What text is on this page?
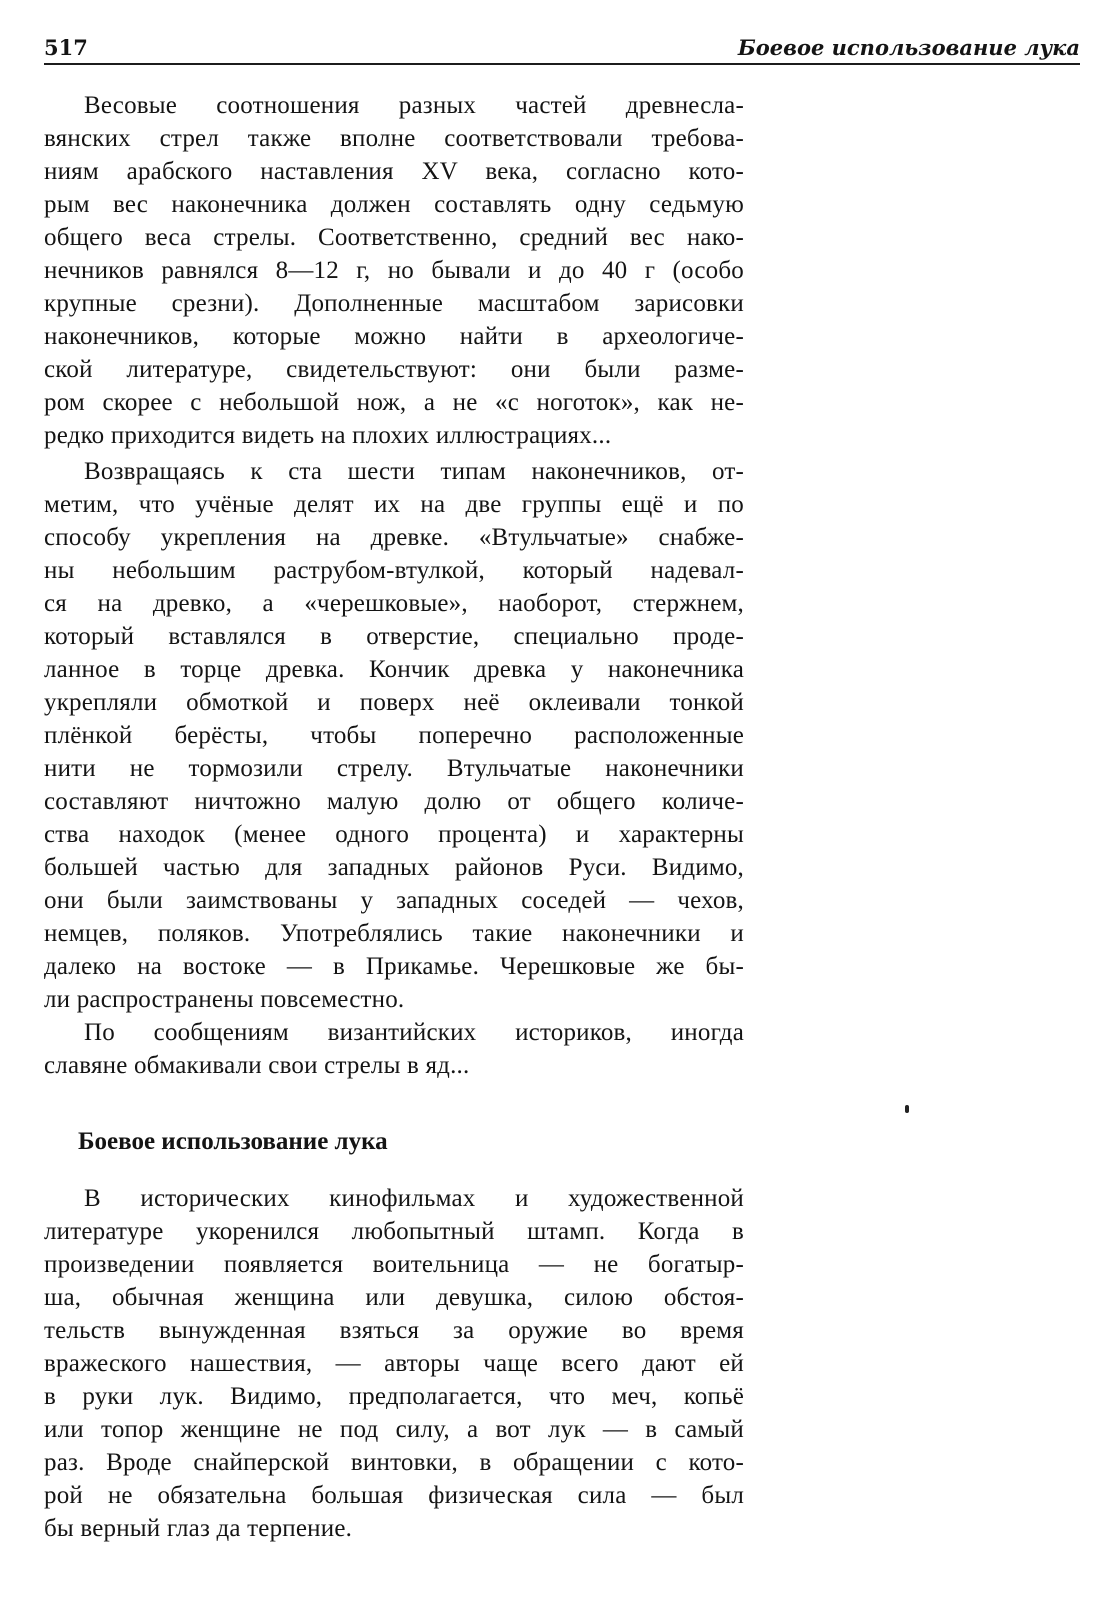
517	Боевое использование лука
Весовые соотношения разных частей древнесла-
вянских стрел также вполне соответствовали требова-
ниям арабского наставления XV века, согласно кото-
рым вес наконечника должен составлять одну седьмую
общего веса стрелы. Соответственно, средний вес нако-
нечников равнялся 8—12 г, но бывали и до 40 г (особо
крупные срезни). Дополненные масштабом зарисовки
наконечников, которые можно найти в археологиче-
ской литературе, свидетельствуют: они были разме-
ром скорее с небольшой нож, а не «с ноготок», как не-
редко приходится видеть на плохих иллюстрациях...
Возвращаясь к ста шести типам наконечников, от-
метим, что учёные делят их на две группы ещё и по
способу укрепления на древке. «Втульчатые» снабже-
ны небольшим раструбом-втулкой, который надевал-
ся на древко, а «черешковые», наоборот, стержнем,
который вставлялся в отверстие, специально проде-
ланное в торце древка. Кончик древка у наконечника
укрепляли обмоткой и поверх неё оклеивали тонкой
плёнкой берёсты, чтобы поперечно расположенные
нити не тормозили стрелу. Втульчатые наконечники
составляют ничтожно малую долю от общего количе-
ства находок (менее одного процента) и характерны
большей частью для западных районов Руси. Видимо,
они были заимствованы у западных соседей — чехов,
немцев, поляков. Употреблялись такие наконечники и
далеко на востоке — в Прикамье. Черешковые же бы-
ли распространены повсеместно.
По сообщениям византийских историков, иногда
славяне обмакивали свои стрелы в яд...
Боевое использование лука
В исторических кинофильмах и художественной
литературе укоренился любопытный штамп. Когда в
произведении появляется воительница — не богатыр-
ша, обычная женщина или девушка, силою обстоя-
тельств вынужденная взяться за оружие во время
вражеского нашествия, — авторы чаще всего дают ей
в руки лук. Видимо, предполагается, что меч, копьё
или топор женщине не под силу, а вот лук — в самый
раз. Вроде снайперской винтовки, в обращении с кото-
рой не обязательна большая физическая сила — был
бы верный глаз да терпение.
